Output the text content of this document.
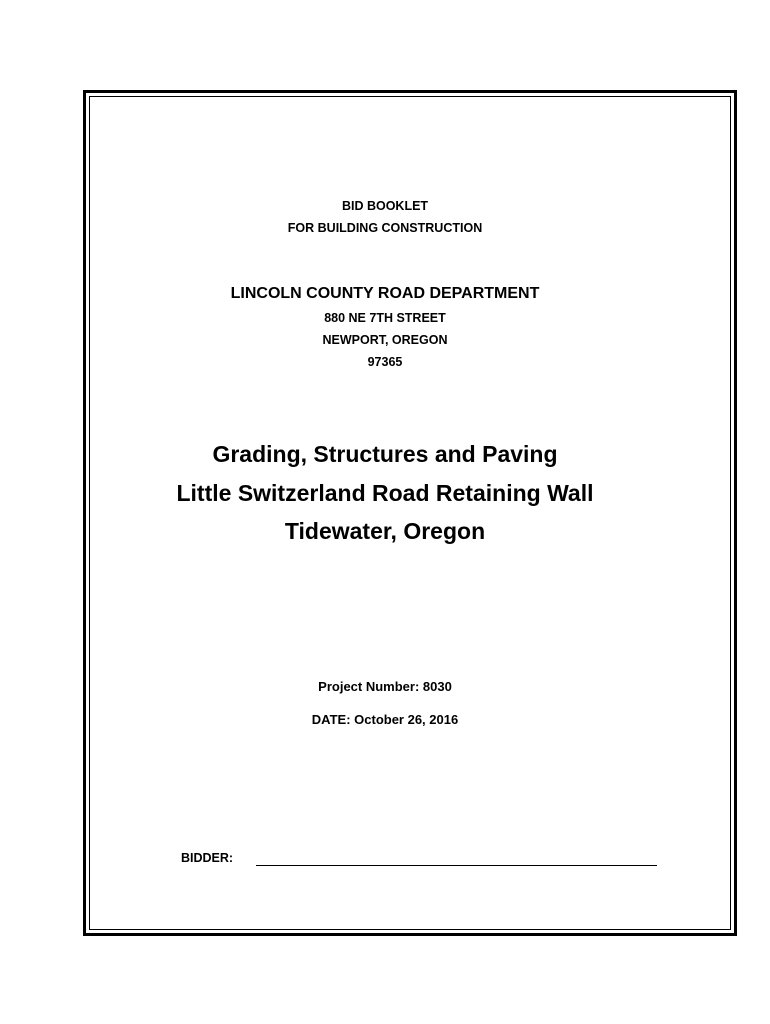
BID BOOKLET
FOR BUILDING CONSTRUCTION
LINCOLN COUNTY ROAD DEPARTMENT
880 NE 7TH STREET
NEWPORT, OREGON
97365
Grading, Structures and Paving
Little Switzerland Road Retaining Wall
Tidewater, Oregon
Project Number: 8030
DATE: October 26, 2016
BIDDER:
